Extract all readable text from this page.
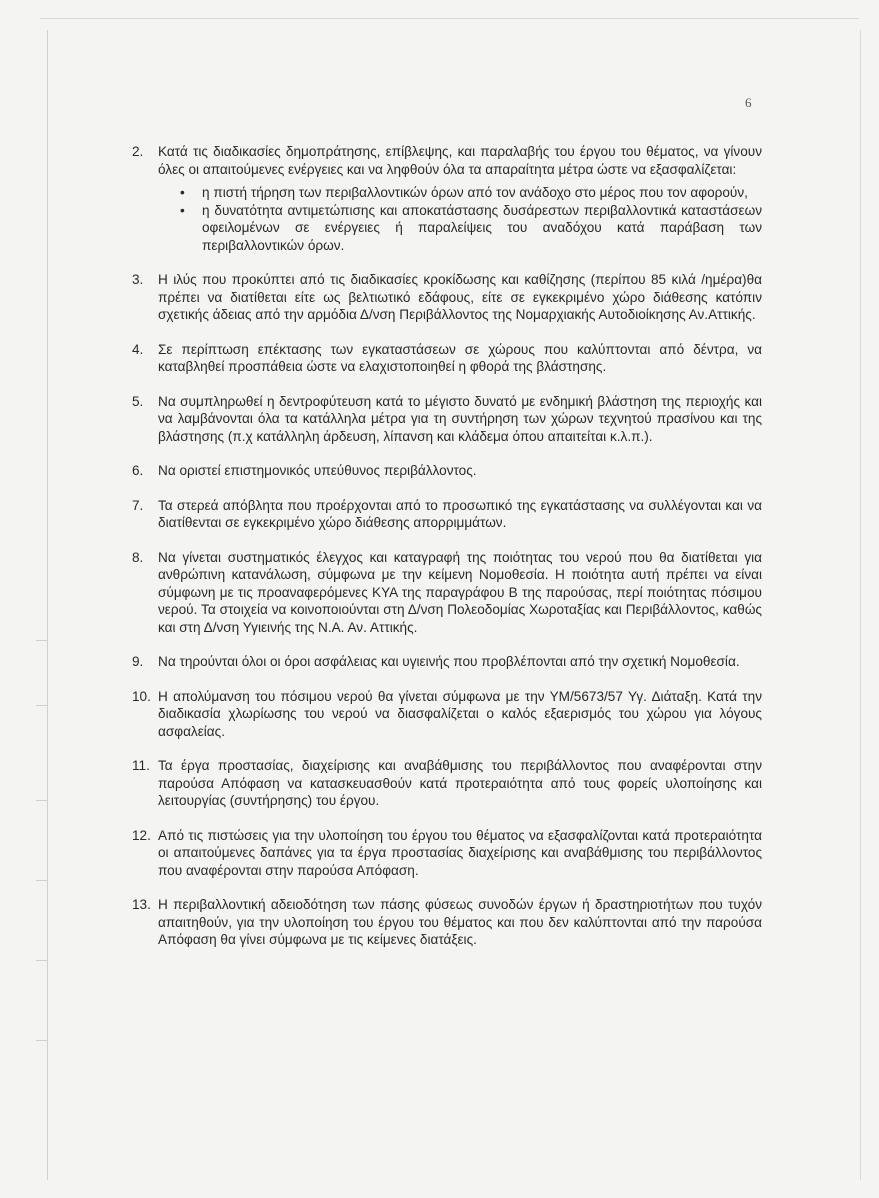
6
2.	Κατά τις διαδικασίες δημοπράτησης, επίβλεψης, και παραλαβής του έργου του θέματος, να γίνουν όλες οι απαιτούμενες ενέργειες και να ληφθούν όλα τα απαραίτητα μέτρα ώστε να εξασφαλίζεται:

• η πιστή τήρηση των περιβαλλοντικών όρων από τον ανάδοχο στο μέρος που τον αφορούν,
• η δυνατότητα αντιμετώπισης και αποκατάστασης δυσάρεστων περιβαλλοντικά καταστάσεων οφειλομένων σε ενέργειες ή παραλείψεις του αναδόχου κατά παράβαση των περιβαλλοντικών όρων.
3.	Η ιλύς που προκύπτει από τις διαδικασίες κροκίδωσης και καθίζησης (περίπου 85 κιλά /ημέρα)θα πρέπει να διατίθεται είτε ως βελτιωτικό εδάφους, είτε σε εγκεκριμένο χώρο διάθεσης κατόπιν σχετικής άδειας από την αρμόδια Δ/νση Περιβάλλοντος της Νομαρχιακής Αυτοδιοίκησης Αν.Αττικής.

4.	Σε περίπτωση επέκτασης των εγκαταστάσεων σε χώρους που καλύπτονται από δέντρα, να καταβληθεί προσπάθεια ώστε να ελαχιστοποιηθεί η φθορά της βλάστησης.

5.	Να συμπληρωθεί η δεντροφύτευση κατά το μέγιστο δυνατό με ενδημική βλάστηση της περιοχής και να λαμβάνονται όλα τα κατάλληλα μέτρα για τη συντήρηση των χώρων τεχνητού πρασίνου και της βλάστησης (π.χ κατάλληλη άρδευση, λίπανση και κλάδεμα όπου απαιτείται κ.λ.π.).

6.	Να οριστεί επιστημονικός υπεύθυνος περιβάλλοντος.

7.	Τα στερεά απόβλητα που προέρχονται από το προσωπικό της εγκατάστασης να συλλέγονται και να διατίθενται σε εγκεκριμένο χώρο διάθεσης απορριμμάτων.

8.	Να γίνεται συστηματικός έλεγχος και καταγραφή της ποιότητας του νερού που θα διατίθεται για ανθρώπινη κατανάλωση, σύμφωνα με την κείμενη Νομοθεσία. Η ποιότητα αυτή πρέπει να είναι σύμφωνη με τις προαναφερόμενες ΚΥΑ της παραγράφου Β της παρούσας, περί ποιότητας πόσιμου νερού. Τα στοιχεία να κοινοποιούνται στη Δ/νση Πολεοδομίας Χωροταξίας και Περιβάλλοντος, καθώς και στη Δ/νση Υγιεινής της Ν.Α. Αν. Αττικής.

9.	Να τηρούνται όλοι οι όροι ασφάλειας και υγιεινής που προβλέπονται από την σχετική Νομοθεσία.

10. Η απολύμανση του πόσιμου νερού θα γίνεται σύμφωνα με την ΥΜ/5673/57 Υγ. Διάταξη. Κατά την διαδικασία χλωρίωσης του νερού να διασφαλίζεται ο καλός εξαερισμός του χώρου για λόγους ασφαλείας.

11. Τα έργα προστασίας, διαχείρισης και αναβάθμισης του περιβάλλοντος που αναφέρονται στην παρούσα Απόφαση να κατασκευασθούν κατά προτεραιότητα από τους φορείς υλοποίησης και λειτουργίας (συντήρησης) του έργου.

12. Από τις πιστώσεις για την υλοποίηση του έργου του θέματος να εξασφαλίζονται κατά προτεραιότητα οι απαιτούμενες δαπάνες για τα έργα προστασίας διαχείρισης και αναβάθμισης του περιβάλλοντος που αναφέρονται στην παρούσα Απόφαση.

13. Η περιβαλλοντική αδειοδότηση των πάσης φύσεως συνοδών έργων ή δραστηριοτήτων που τυχόν απαιτηθούν, για την υλοποίηση του έργου του θέματος και που δεν καλύπτονται από την παρούσα Απόφαση θα γίνει σύμφωνα με τις κείμενες διατάξεις.
